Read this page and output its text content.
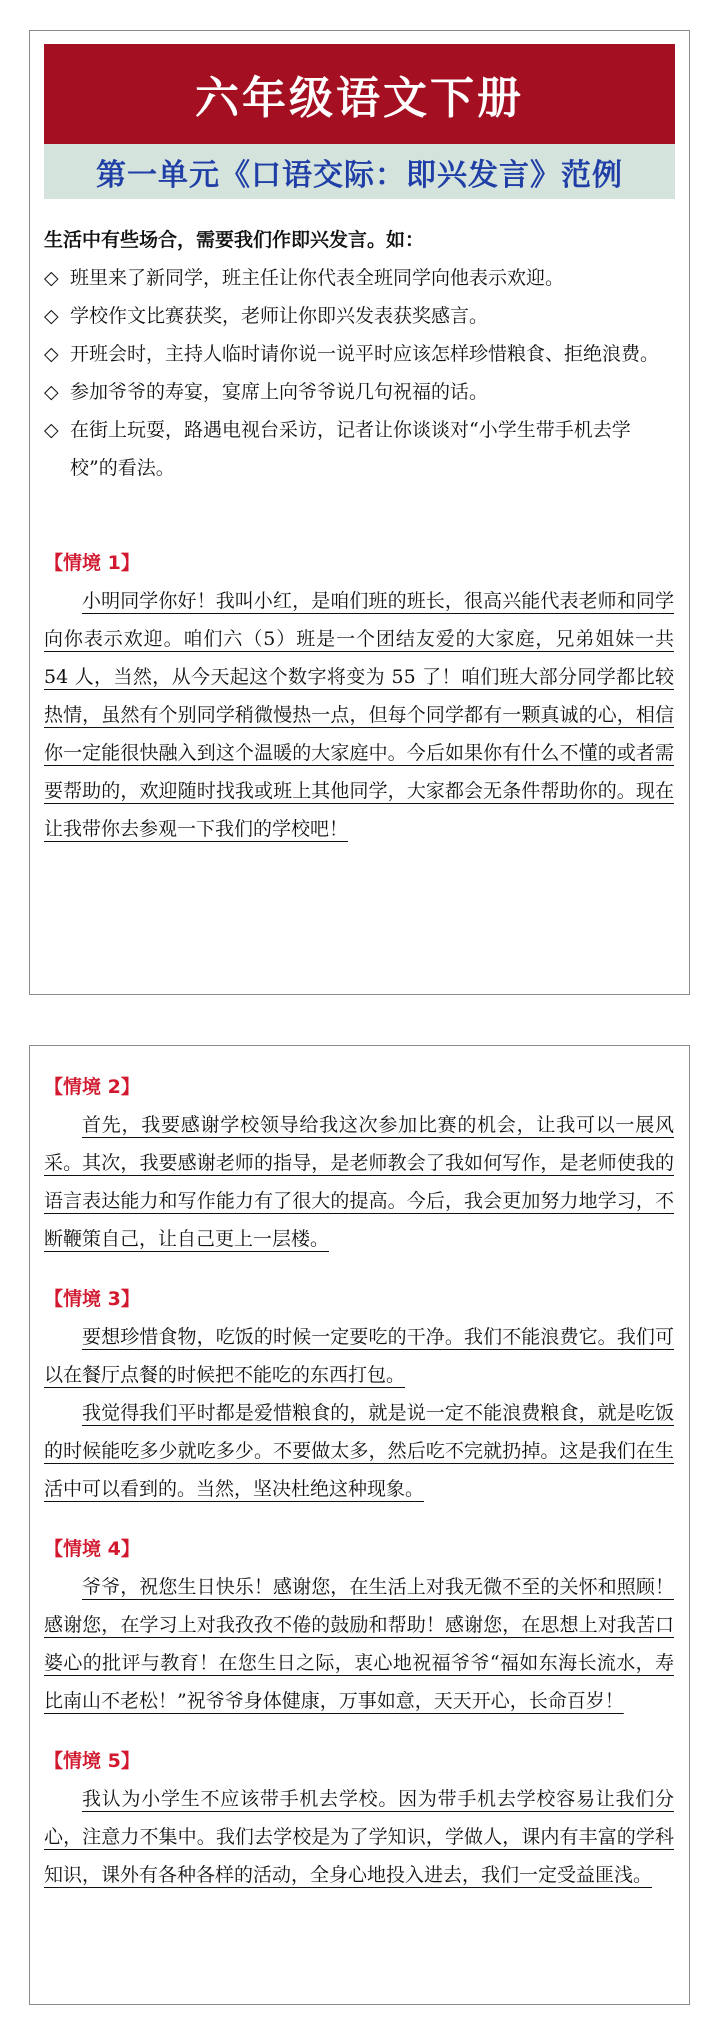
六年级语文下册
第一单元《口语交际：即兴发言》范例
生活中有些场合，需要我们作即兴发言。如：
◇ 班里来了新同学，班主任让你代表全班同学向他表示欢迎。
◇ 学校作文比赛获奖，老师让你即兴发表获奖感言。
◇ 开班会时，主持人临时请你说一说平时应该怎样珍惜粮食、拒绝浪费。
◇ 参加爷爷的寿宴，宴席上向爷爷说几句祝福的话。
◇ 在街上玩耍，路遇电视台采访，记者让你谈谈对“小学生带手机去学校”的看法。
【情境 1】

小明同学你好！我叫小红，是咱们班的班长，很高兴能代表老师和同学向你表示欢迎。咱们六（5）班是一个团结友爱的大家庭，兄弟姐妹一共 54 人，当然，从今天起这个数字将变为 55 了！咱们班大部分同学都比较热情，虽然有个别同学稍微慢热一点，但每个同学都有一颗真诚的心，相信你一定能很快融入到这个温暖的大家庭中。今后如果你有什么不懂的或者需要帮助的，欢迎随时找我或班上其他同学，大家都会无条件帮助你的。现在让我带你去参观一下我们的学校吧！

【情境 2】

首先，我要感谢学校领导给我这次参加比赛的机会，让我可以一展风采。其次，我要感谢老师的指导，是老师教会了我如何写作，是老师使我的语言表达能力和写作能力有了很大的提高。今后，我会更加努力地学习，不断鞭策自己，让自己更上一层楼。

【情境 3】

要想珍惜食物，吃饭的时候一定要吃的干净。我们不能浪费它。我们可以在餐厅点餐的时候把不能吃的东西打包。

我觉得我们平时都是爱惜粮食的，就是说一定不能浪费粮食，就是吃饭的时候能吃多少就吃多少。不要做太多，然后吃不完就扔掉。这是我们在生活中可以看到的。当然，坚决杜绝这种现象。

【情境 4】

爷爷，祝您生日快乐！感谢您，在生活上对我无微不至的关怀和照顾！感谢您，在学习上对我孜孜不倦的鼓励和帮助！感谢您，在思想上对我苦口婆心的批评与教育！在您生日之际，衷心地祝福爷爷“福如东海长流水，寿比南山不老松！”祝爷爷身体健康，万事如意，天天开心，长命百岁！

【情境 5】

我认为小学生不应该带手机去学校。因为带手机去学校容易让我们分心，注意力不集中。我们去学校是为了学知识，学做人，课内有丰富的学科知识，课外有各种各样的活动，全身心地投入进去，我们一定受益匪浅。
